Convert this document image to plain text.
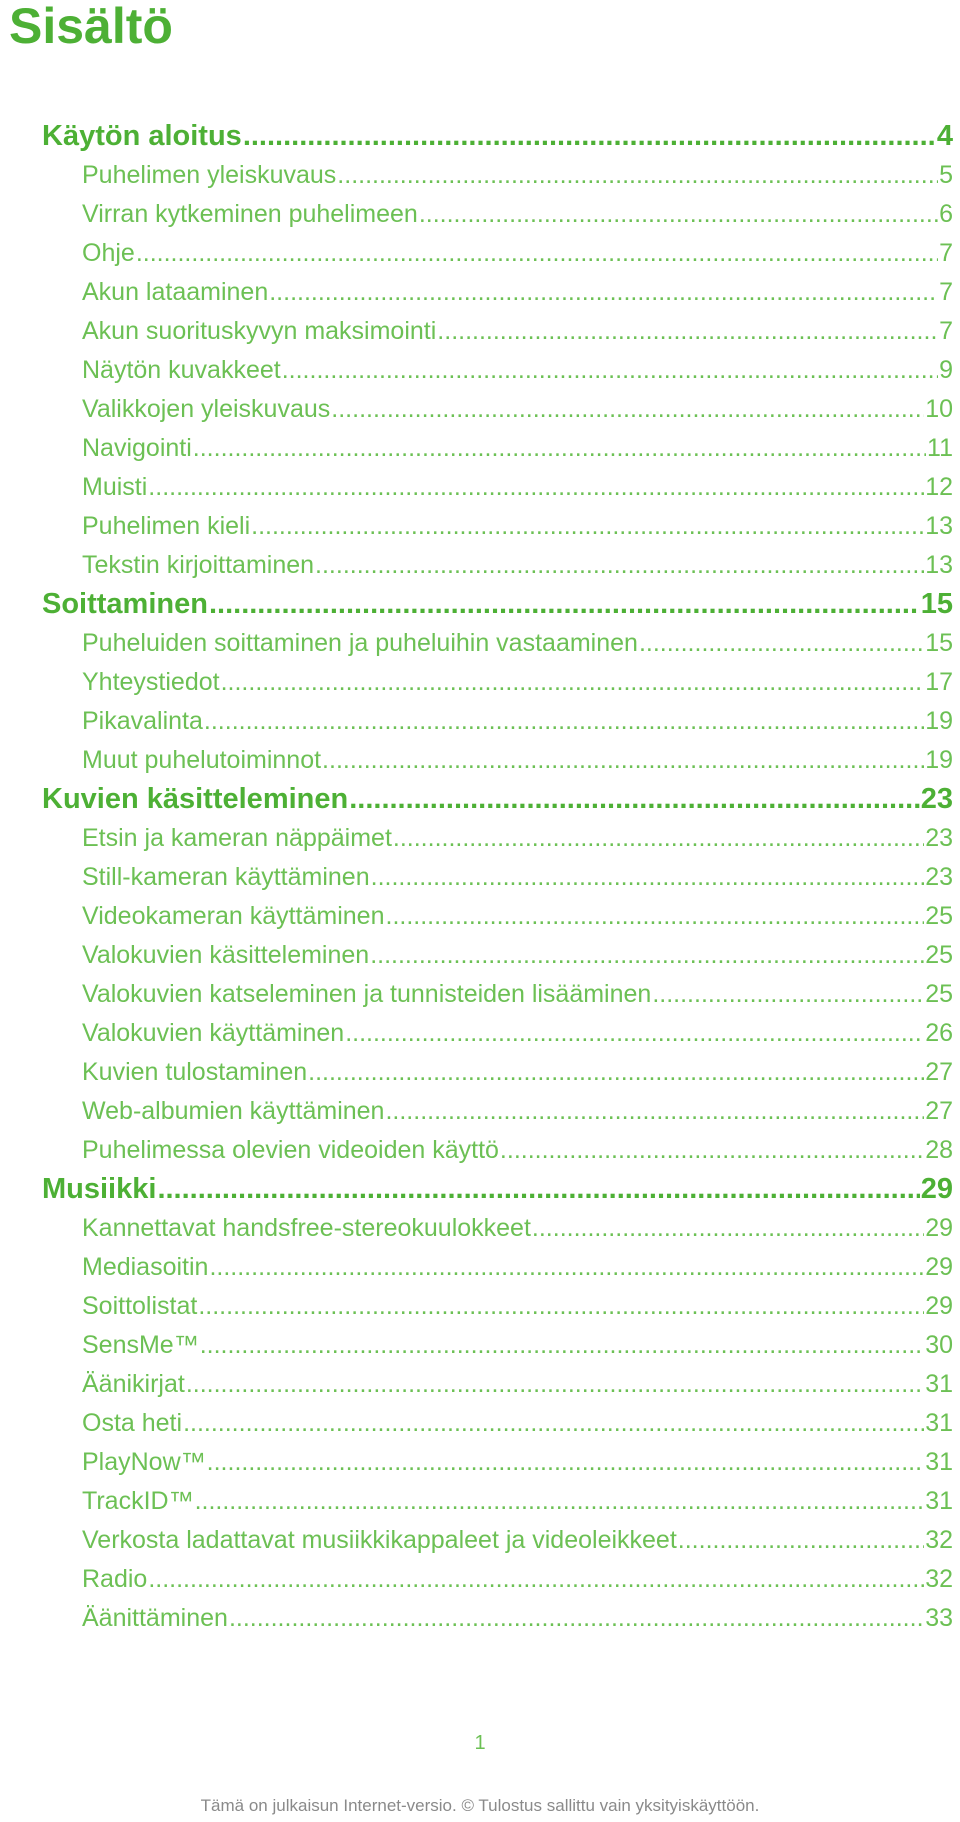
Sisältö
Käytön aloitus .....	4
Puhelimen yleiskuvaus .....	5
Virran kytkeminen puhelimeen .....	6
Ohje .....	7
Akun lataaminen .....	7
Akun suorituskyvyn maksimointi .....	7
Näytön kuvakkeet .....	9
Valikkojen yleiskuvaus .....	10
Navigointi .....	11
Muisti .....	12
Puhelimen kieli .....	13
Tekstin kirjoittaminen .....	13
Soittaminen .....	15
Puheluiden soittaminen ja puheluihin vastaaminen .....	15
Yhteystiedot .....	17
Pikavalinta .....	19
Muut puhelutoiminnot .....	19
Kuvien käsitteleminen .....	23
Etsin ja kameran näppäimet .....	23
Still-kameran käyttäminen .....	23
Videokameran käyttäminen .....	25
Valokuvien käsitteleminen .....	25
Valokuvien katseleminen ja tunnisteiden lisääminen .....	25
Valokuvien käyttäminen .....	26
Kuvien tulostaminen .....	27
Web-albumien käyttäminen .....	27
Puhelimessa olevien videoiden käyttö .....	28
Musiikki .....	29
Kannettavat handsfree-stereokuulokkeet .....	29
Mediasoitin .....	29
Soittolistat .....	29
SensMe™ .....	30
Äänikirjat .....	31
Osta heti .....	31
PlayNow™ .....	31
TrackID™ .....	31
Verkosta ladattavat musiikkikappaleet ja videoleikkeet .....	32
Radio .....	32
Äänittäminen .....	33
1
Tämä on julkaisun Internet-versio. © Tulostus sallittu vain yksityiskäyttöön.
